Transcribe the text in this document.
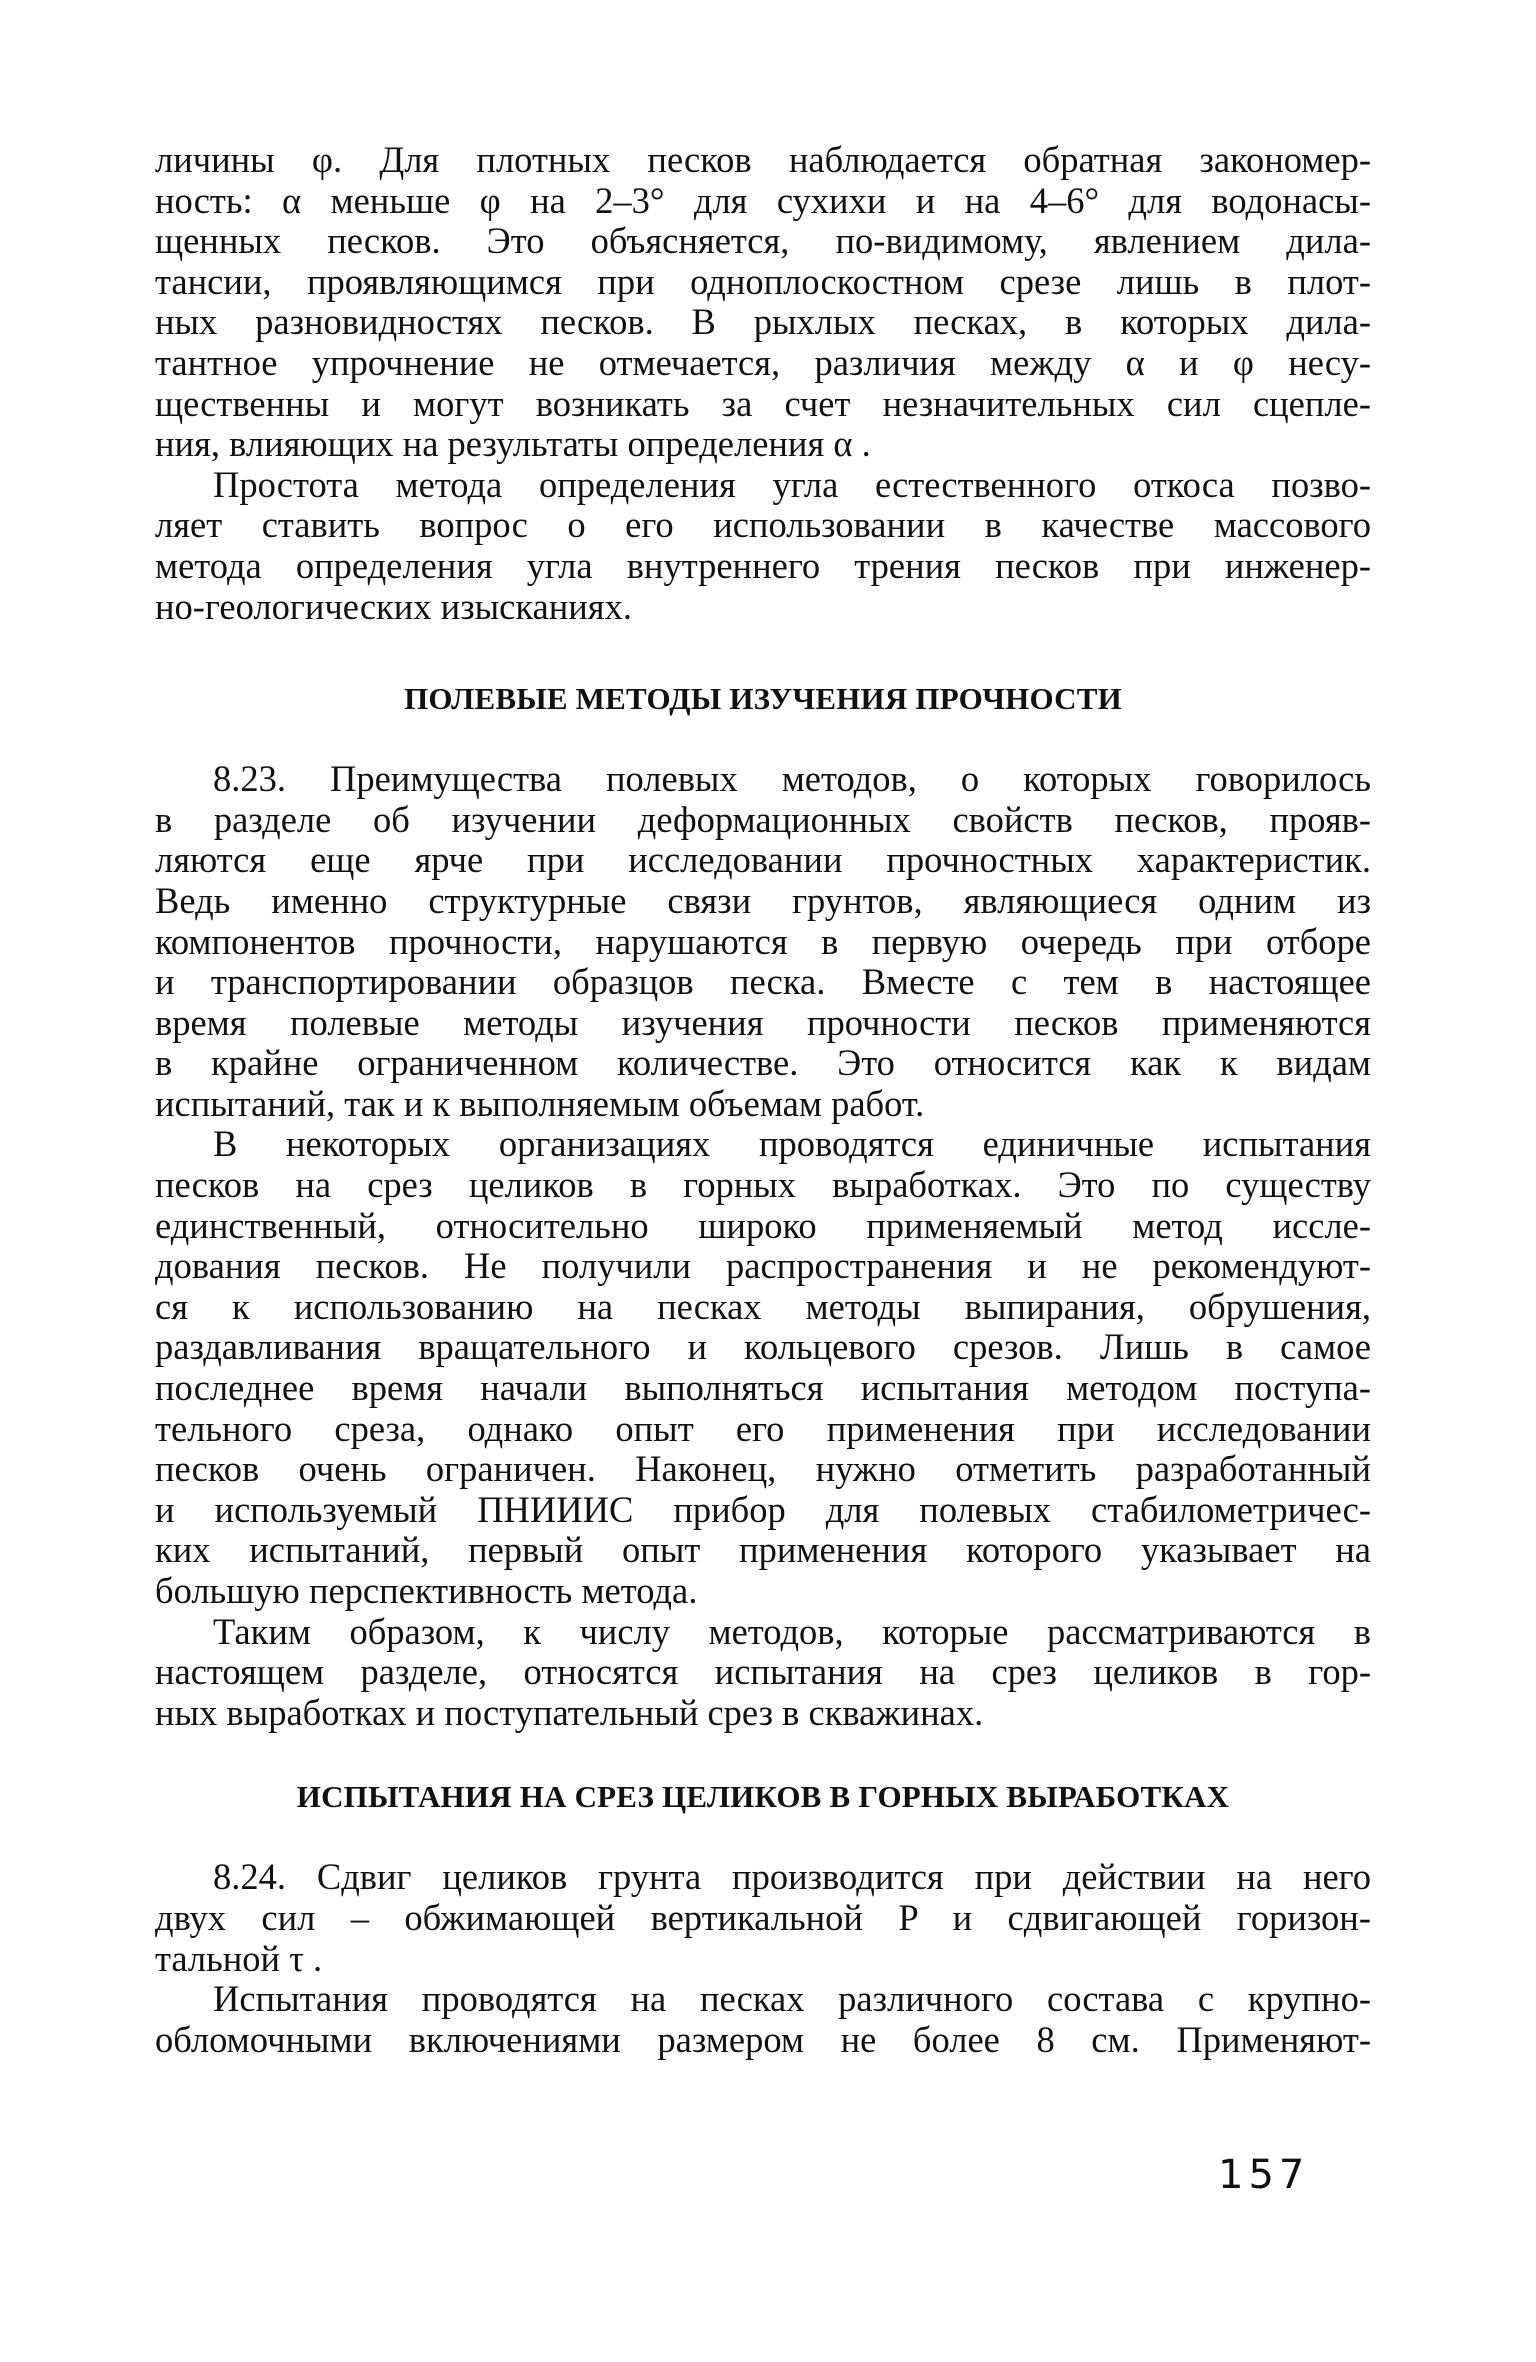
личины φ. Для плотных песков наблюдается обратная закономер-
ность: α меньше φ на 2–3° для сухихи и на 4–6° для водонасы-
щенных песков. Это объясняется, по-видимому, явлением дила-
тансии, проявляющимся при одноплоскостном срезе лишь в плот-
ных разновидностях песков. В рыхлых песках, в которых дила-
тантное упрочнение не отмечается, различия между α и φ несу-
щественны и могут возникать за счет незначительных сил сцепле-
ния, влияющих на результаты определения α .
Простота метода определения угла естественного откоса позво-
ляет ставить вопрос о его использовании в качестве массового
метода определения угла внутреннего трения песков при инженер-
но-геологических изысканиях.
ПОЛЕВЫЕ МЕТОДЫ ИЗУЧЕНИЯ ПРОЧНОСТИ
8.23. Преимущества полевых методов, о которых говорилось
в разделе об изучении деформационных свойств песков, прояв-
ляются еще ярче при исследовании прочностных характеристик.
Ведь именно структурные связи грунтов, являющиеся одним из
компонентов прочности, нарушаются в первую очередь при отборе
и транспортировании образцов песка. Вместе с тем в настоящее
время полевые методы изучения прочности песков применяются
в крайне ограниченном количестве. Это относится как к видам
испытаний, так и к выполняемым объемам работ.
В некоторых организациях проводятся единичные испытания
песков на срез целиков в горных выработках. Это по существу
единственный, относительно широко применяемый метод иссле-
дования песков. Не получили распространения и не рекомендуют-
ся к использованию на песках методы выпирания, обрушения,
раздавливания вращательного и кольцевого срезов. Лишь в самое
последнее время начали выполняться испытания методом поступа-
тельного среза, однако опыт его применения при исследовании
песков очень ограничен. Наконец, нужно отметить разработанный
и используемый ПНИИИС прибор для полевых стабилометричес-
ких испытаний, первый опыт применения которого указывает на
большую перспективность метода.
Таким образом, к числу методов, которые рассматриваются в
настоящем разделе, относятся испытания на срез целиков в гор-
ных выработках и поступательный срез в скважинах.
ИСПЫТАНИЯ НА СРЕЗ ЦЕЛИКОВ В ГОРНЫХ ВЫРАБОТКАХ
8.24. Сдвиг целиков грунта производится при действии на него
двух сил – обжимающей вертикальной P и сдвигающей горизон-
тальной τ .
Испытания проводятся на песках различного состава с крупно-
обломочными включениями размером не более 8 см. Применяют-
157
